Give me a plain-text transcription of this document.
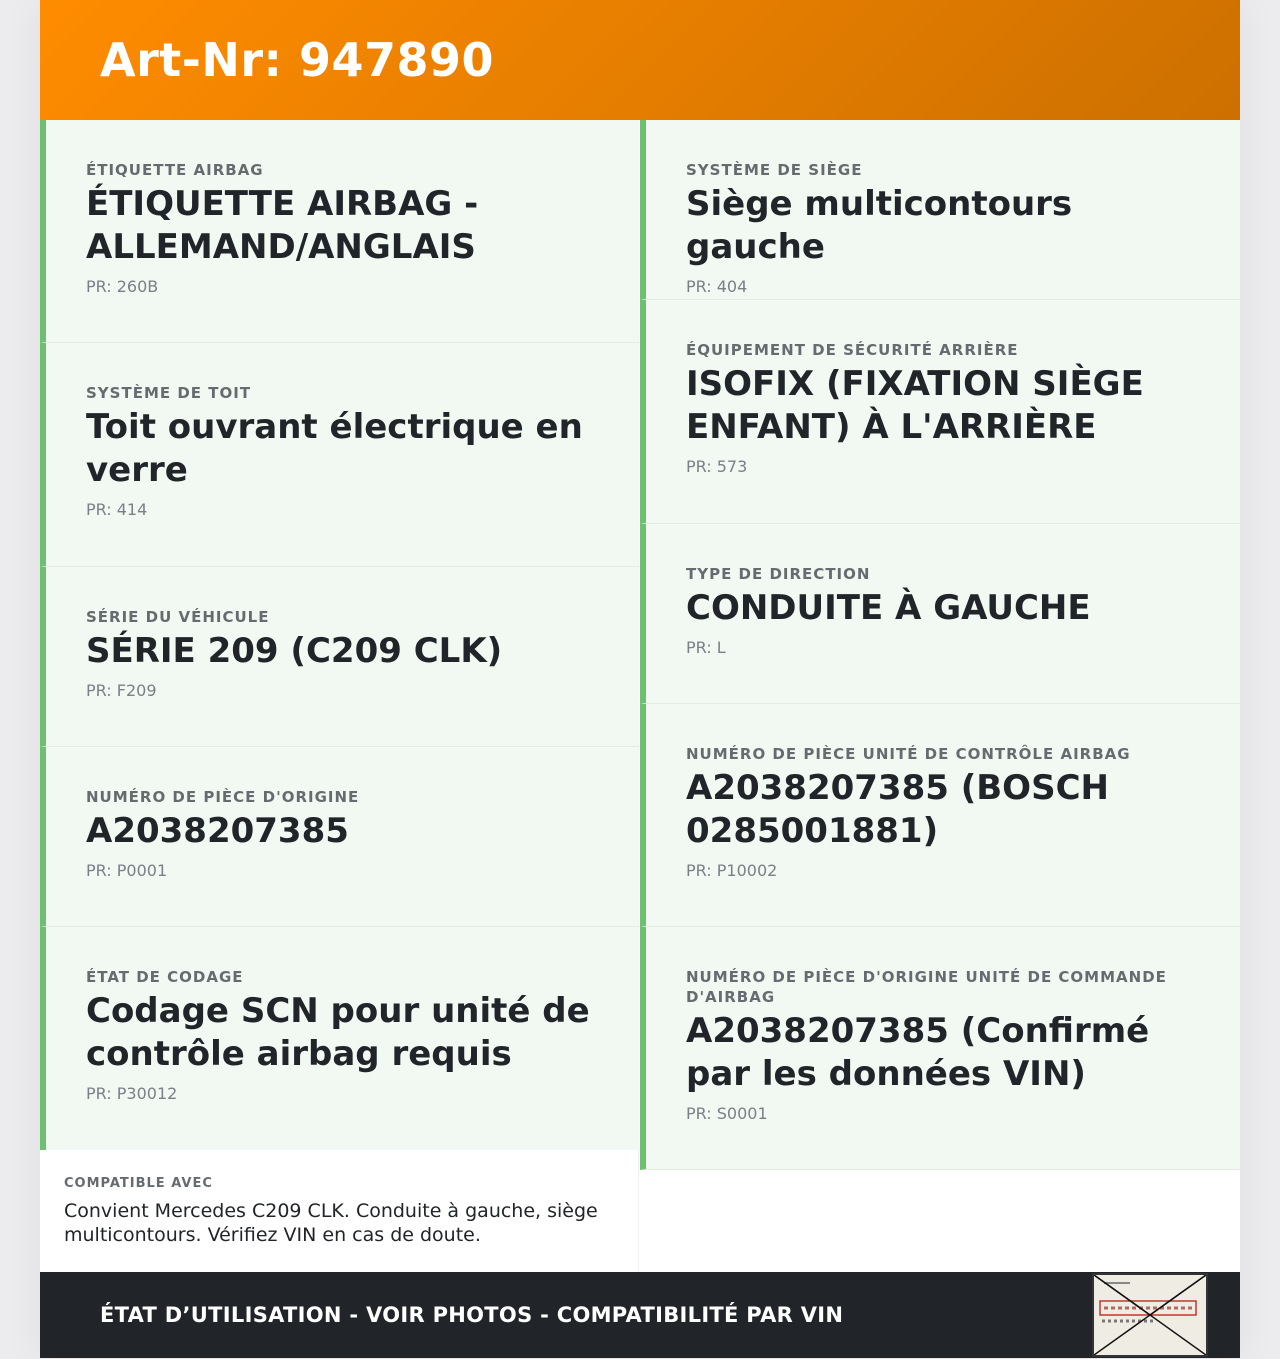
Art-Nr: 947890
ÉTIQUETTE AIRBAG
ÉTIQUETTE AIRBAG - ALLEMAND/ANGLAIS
PR: 260B
SYSTÈME DE TOIT
Toit ouvrant électrique en verre
PR: 414
SÉRIE DU VÉHICULE
SÉRIE 209 (C209 CLK)
PR: F209
NUMÉRO DE PIÈCE D'ORIGINE
A2038207385
PR: P0001
ÉTAT DE CODAGE
Codage SCN pour unité de contrôle airbag requis
PR: P30012
SYSTÈME DE SIÈGE
Siège multicontours gauche
PR: 404
ÉQUIPEMENT DE SÉCURITÉ ARRIÈRE
ISOFIX (FIXATION SIÈGE ENFANT) À L'ARRIÈRE
PR: 573
TYPE DE DIRECTION
CONDUITE À GAUCHE
PR: L
NUMÉRO DE PIÈCE UNITÉ DE CONTRÔLE AIRBAG
A2038207385 (BOSCH 0285001881)
PR: P10002
NUMÉRO DE PIÈCE D'ORIGINE UNITÉ DE COMMANDE D'AIRBAG
A2038207385 (Confirmé par les données VIN)
PR: S0001
COMPATIBLE AVEC
Convient Mercedes C209 CLK. Conduite à gauche, siège multicontours. Vérifiez VIN en cas de doute.
ÉTAT D’UTILISATION - VOIR PHOTOS - COMPATIBILITÉ PAR VIN
